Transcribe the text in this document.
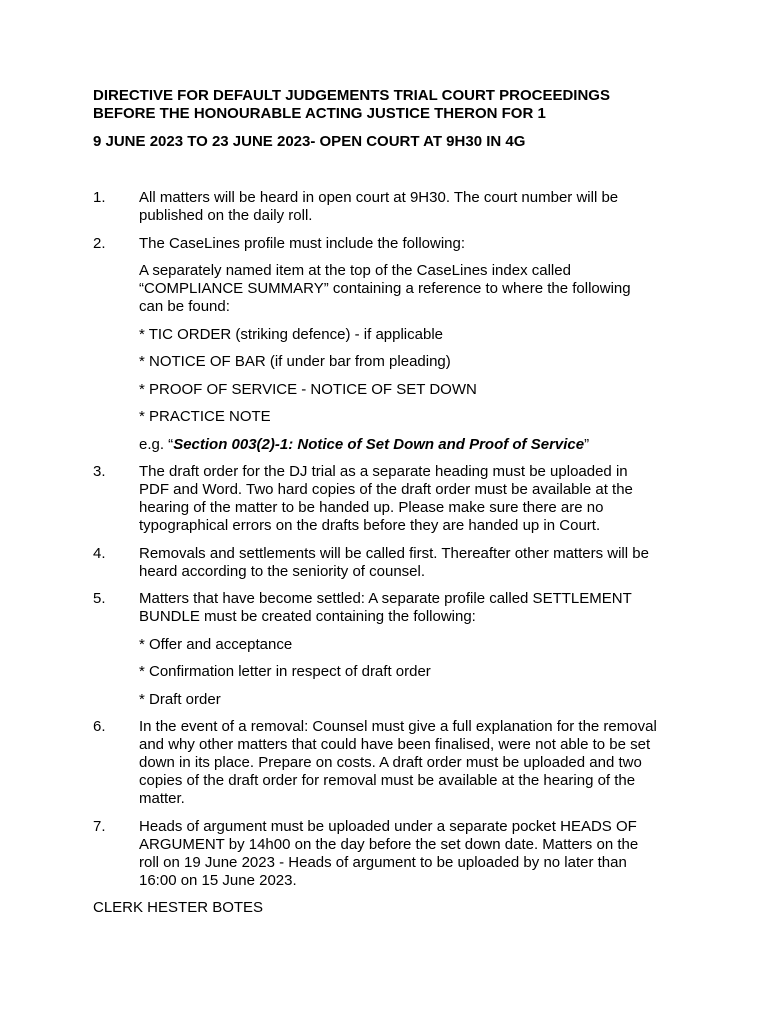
DIRECTIVE FOR DEFAULT JUDGEMENTS TRIAL COURT PROCEEDINGS
BEFORE THE HONOURABLE ACTING JUSTICE THERON FOR 1
9 JUNE 2023 TO 23 JUNE 2023- OPEN COURT AT 9H30 IN 4G
1.	All matters will be heard in open court at 9H30. The court number will be
published on the daily roll.
2.	The CaseLines profile must include the following:
A separately named item at the top of the CaseLines index called
“COMPLIANCE SUMMARY” containing a reference to where the following
can be found:
* TIC ORDER (striking defence) - if applicable
* NOTICE OF BAR (if under bar from pleading)
* PROOF OF SERVICE - NOTICE OF SET DOWN
* PRACTICE NOTE
e.g. “Section 003(2)-1: Notice of Set Down and Proof of Service”
3.	The draft order for the DJ trial as a separate heading must be uploaded in
PDF and Word. Two hard copies of the draft order must be available at the
hearing of the matter to be handed up. Please make sure there are no
typographical errors on the drafts before they are handed up in Court.
4.	Removals and settlements will be called first. Thereafter other matters will be
heard according to the seniority of counsel.
5.	Matters that have become settled: A separate profile called SETTLEMENT
BUNDLE must be created containing the following:
* Offer and acceptance
* Confirmation letter in respect of draft order
* Draft order
6.	In the event of a removal: Counsel must give a full explanation for the removal
and why other matters that could have been finalised, were not able to be set
down in its place. Prepare on costs. A draft order must be uploaded and two
copies of the draft order for removal must be available at the hearing of the
matter.
7.	Heads of argument must be uploaded under a separate pocket HEADS OF
ARGUMENT by 14h00 on the day before the set down date. Matters on the
roll on 19 June 2023 - Heads of argument to be uploaded by no later than
16:00 on 15 June 2023.
CLERK HESTER BOTES
